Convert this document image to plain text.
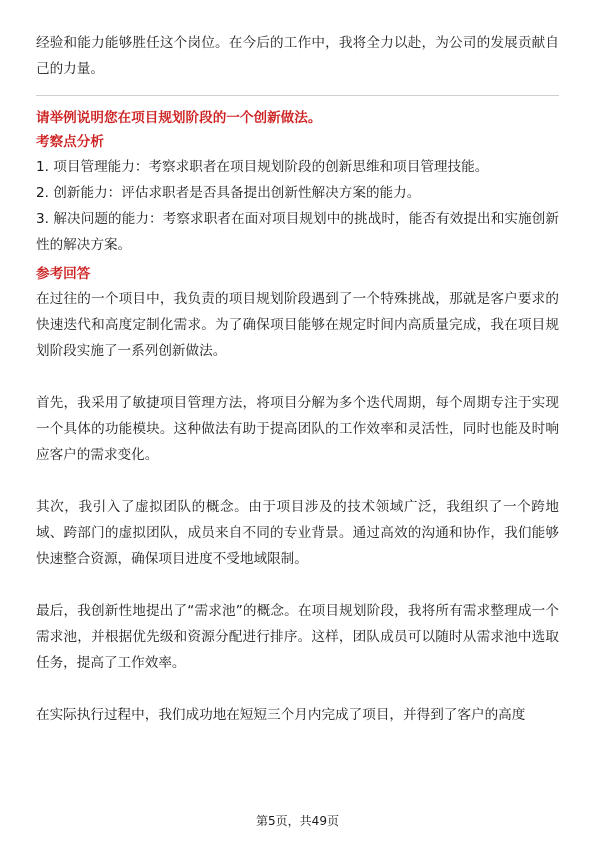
经验和能力能够胜任这个岗位。在今后的工作中，我将全力以赴，为公司的发展贡献自己的力量。

请举例说明您在项目规划阶段的一个创新做法。

考察点分析

1. 项目管理能力：考察求职者在项目规划阶段的创新思维和项目管理技能。

2. 创新能力：评估求职者是否具备提出创新性解决方案的能力。

3. 解决问题的能力：考察求职者在面对项目规划中的挑战时，能否有效提出和实施创新性的解决方案。

参考回答

在过往的一个项目中，我负责的项目规划阶段遇到了一个特殊挑战，那就是客户要求的快速迭代和高度定制化需求。为了确保项目能够在规定时间内高质量完成，我在项目规划阶段实施了一系列创新做法。

首先，我采用了敏捷项目管理方法，将项目分解为多个迭代周期，每个周期专注于实现一个具体的功能模块。这种做法有助于提高团队的工作效率和灵活性，同时也能及时响应客户的需求变化。

其次，我引入了虚拟团队的概念。由于项目涉及的技术领域广泛，我组织了一个跨地域、跨部门的虚拟团队，成员来自不同的专业背景。通过高效的沟通和协作，我们能够快速整合资源，确保项目进度不受地域限制。

最后，我创新性地提出了“需求池”的概念。在项目规划阶段，我将所有需求整理成一个需求池，并根据优先级和资源分配进行排序。这样，团队成员可以随时从需求池中选取任务，提高了工作效率。

在实际执行过程中，我们成功地在短短三个月内完成了项目，并得到了客户的高度

第5页，共49页
